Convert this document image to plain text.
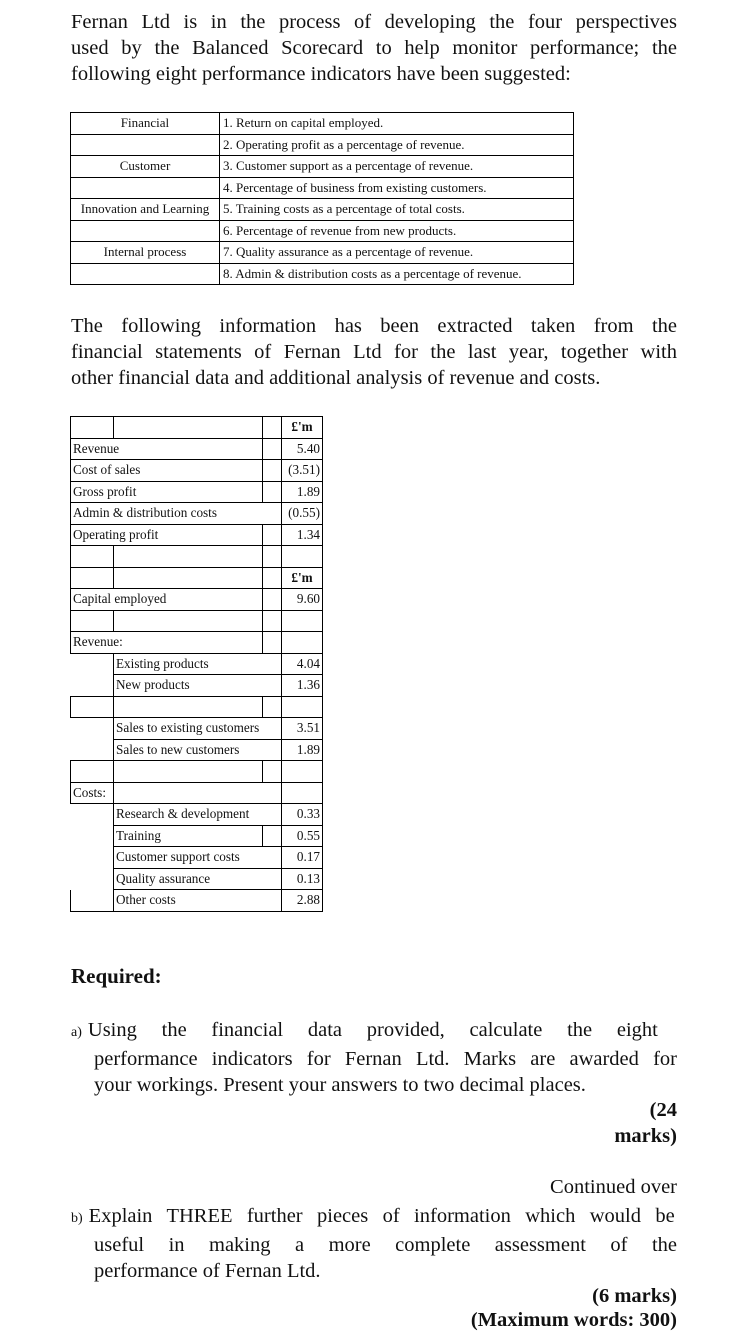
Fernan Ltd is in the process of developing the four perspectives
used by the Balanced Scorecard to help monitor performance; the
following eight performance indicators have been suggested:
Financial	1. Return on capital employed.
	2. Operating profit as a percentage of revenue.
Customer	3. Customer support as a percentage of revenue.
	4. Percentage of business from existing customers.
Innovation and Learning	5. Training costs as a percentage of total costs.
	6. Percentage of revenue from new products.
Internal process	7. Quality assurance as a percentage of revenue.
	8. Admin & distribution costs as a percentage of revenue.
The following information has been extracted taken from the
financial statements of Fernan Ltd for the last year, together with
other financial data and additional analysis of revenue and costs.
			£'m
Revenue			5.40
Cost of sales			(3.51)
Gross profit			1.89
Admin & distribution costs			(0.55)
Operating profit			1.34

			£'m
Capital employed			9.60

Revenue:			
	Existing products		4.04
	New products		1.36

	Sales to existing customers		3.51
	Sales to new customers		1.89

Costs:			
	Research & development		0.33
	Training		0.55
	Customer support costs		0.17
	Quality assurance		0.13
	Other costs		2.88
Required:
a) Using the financial data provided, calculate the eight
performance indicators for Fernan Ltd. Marks are awarded for
your workings. Present your answers to two decimal places.
(24
marks)
Continued over
b) Explain THREE further pieces of information which would be
useful in making a more complete assessment of the
performance of Fernan Ltd.
(6 marks)
(Maximum words: 300)
